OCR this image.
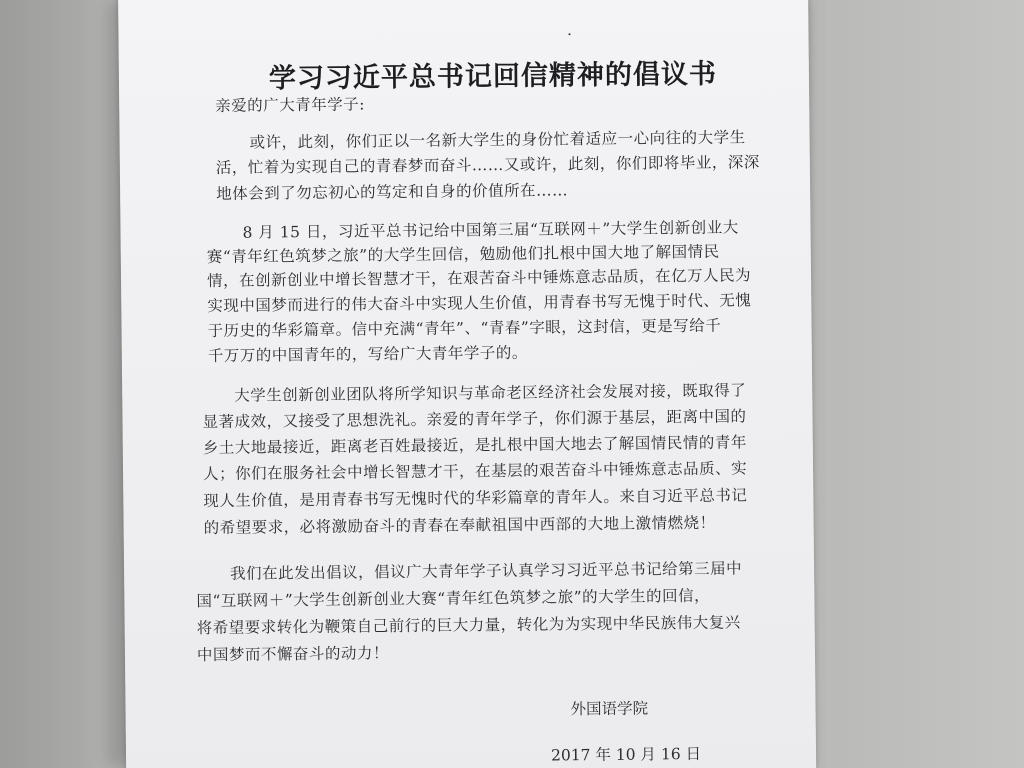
学习习近平总书记回信精神的倡议书
亲爱的广大青年学子:
或许，此刻，你们正以一名新大学生的身份忙着适应一心向往的大学生
活，忙着为实现自己的青春梦而奋斗……又或许，此刻，你们即将毕业，深深
地体会到了勿忘初心的笃定和自身的价值所在……
8 月 15 日，习近平总书记给中国第三届“互联网＋”大学生创新创业大
赛“青年红色筑梦之旅”的大学生回信，勉励他们扎根中国大地了解国情民
情，在创新创业中增长智慧才干，在艰苦奋斗中锤炼意志品质，在亿万人民为
实现中国梦而进行的伟大奋斗中实现人生价值，用青春书写无愧于时代、无愧
于历史的华彩篇章。信中充满“青年”、“青春”字眼，这封信，更是写给千
千万万的中国青年的，写给广大青年学子的。
大学生创新创业团队将所学知识与革命老区经济社会发展对接，既取得了
显著成效，又接受了思想洗礼。亲爱的青年学子，你们源于基层，距离中国的
乡土大地最接近，距离老百姓最接近，是扎根中国大地去了解国情民情的青年
人；你们在服务社会中增长智慧才干，在基层的艰苦奋斗中锤炼意志品质、实
现人生价值，是用青春书写无愧时代的华彩篇章的青年人。来自习近平总书记
的希望要求，必将激励奋斗的青春在奉献祖国中西部的大地上激情燃烧！
我们在此发出倡议，倡议广大青年学子认真学习习近平总书记给第三届中
国“互联网＋”大学生创新创业大赛“青年红色筑梦之旅”的大学生的回信，
将希望要求转化为鞭策自己前行的巨大力量，转化为为实现中华民族伟大复兴
中国梦而不懈奋斗的动力！
外国语学院
2017 年 10 月 16 日
